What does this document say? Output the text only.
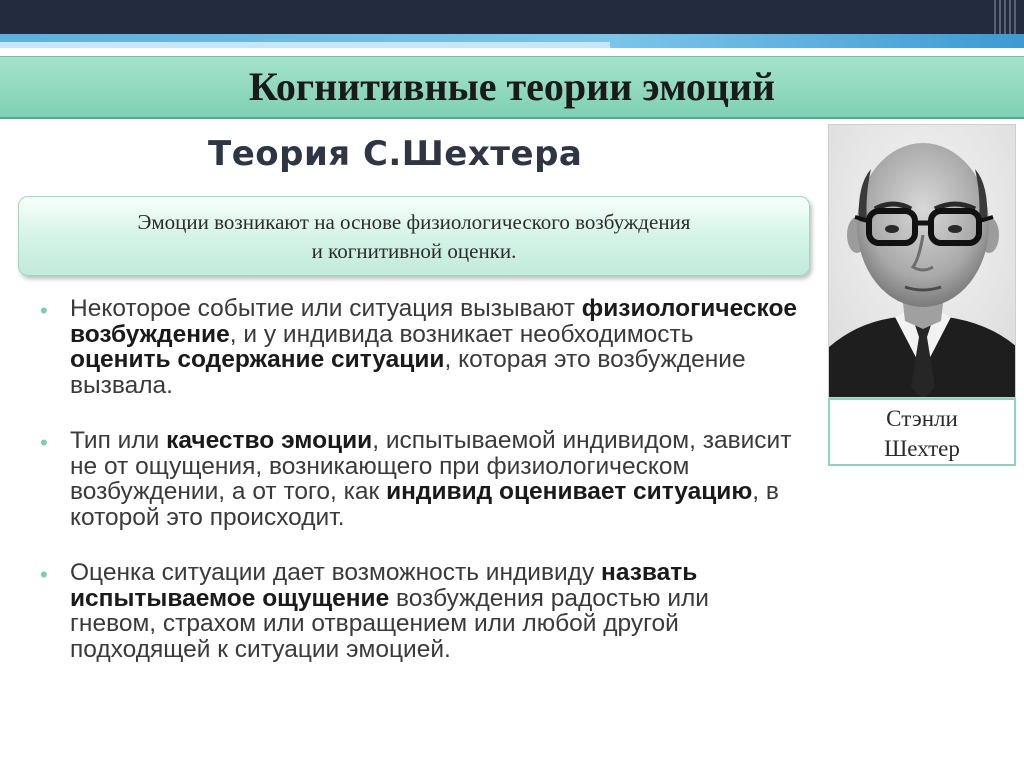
Когнитивные теории эмоций
Теория С.Шехтера
Эмоции возникают на основе физиологического возбуждения
и когнитивной оценки.
• Некоторое событие или ситуация вызывают физиологическое возбуждение, и у индивида возникает необходимость оценить содержание ситуации, которая это возбуждение вызвала.
• Тип или качество эмоции, испытываемой индивидом, зависит не от ощущения, возникающего при физиологическом возбуждении, а от того, как индивид оценивает ситуацию, в которой это происходит.
• Оценка ситуации дает возможность индивиду назвать испытываемое ощущение возбуждения радостью или гневом, страхом или отвращением или любой другой подходящей к ситуации эмоцией.
Стэнли
Шехтер
